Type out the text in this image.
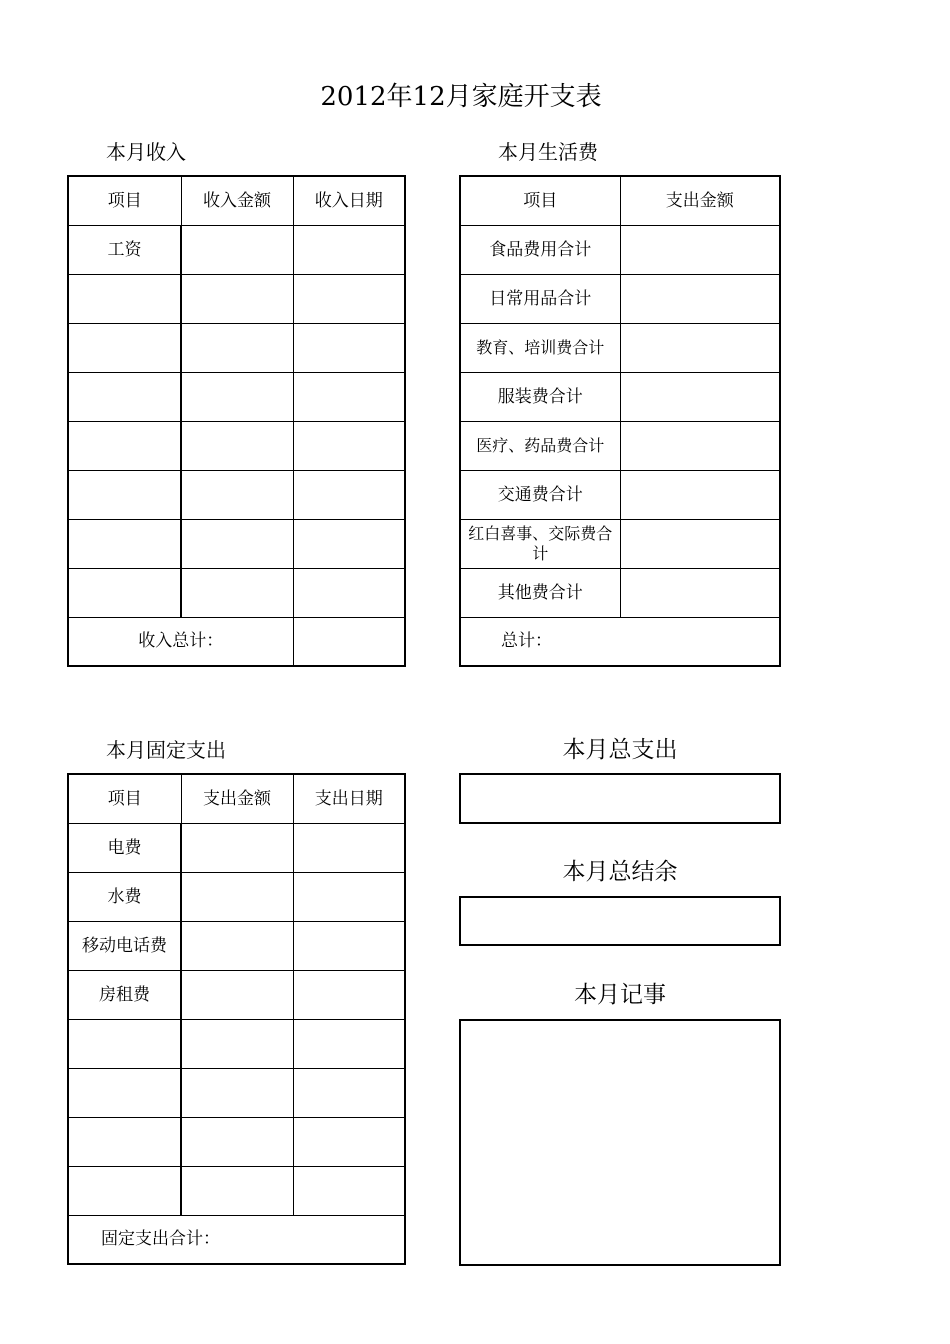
2012年12月家庭开支表
本月收入
项目	收入金额	收入日期
工资		

收入总计：		
本月生活费
项目	支出金额
食品费用合计	
日常用品合计	
教育、培训费合计	
服装费合计	
医疗、药品费合计	
交通费合计	
红白喜事、交际费合计	
其他费合计	
总计：	
本月固定支出
项目	支出金额	支出日期
电费		
水费		
移动电话费		
房租费		

固定支出合计：		
本月总支出
本月总结余
本月记事
